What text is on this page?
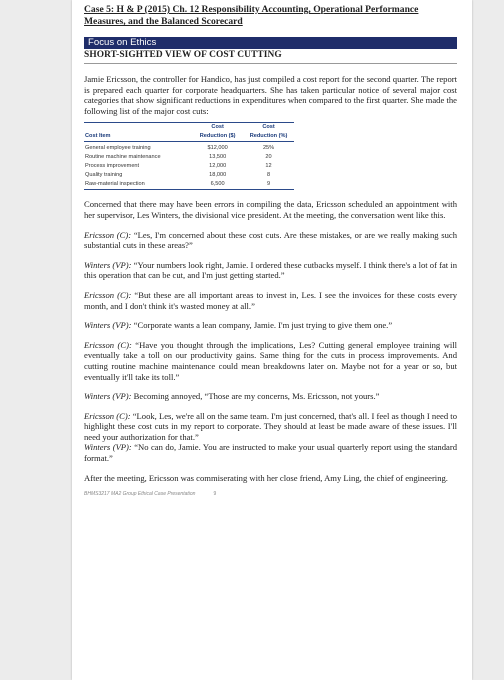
Case 5: H & P (2015) Ch. 12 Responsibility Accounting, Operational Performance
Measures, and the Balanced Scorecard
Focus on Ethics
SHORT-SIGHTED VIEW OF COST CUTTING

Jamie Ericsson, the controller for Handico, has just compiled a cost report for the second quarter. The report is prepared each quarter for corporate headquarters. She has taken particular notice of several major cost categories that show significant reductions in expenditures when compared to the first quarter. She made the following list of the major cost cuts:

	Cost	Cost
Cost Item	Reduction ($)	Reduction (%)
General employee training	$12,000	25%
Routine machine maintenance	13,500	20
Process improvement	12,000	12
Quality training	18,000	8
Raw-material inspection	6,500	9

Concerned that there may have been errors in compiling the data, Ericsson scheduled an appointment with her supervisor, Les Winters, the divisional vice president. At the meeting, the conversation went like this.

Ericsson (C): “Les, I'm concerned about these cost cuts. Are these mistakes, or are we really making such substantial cuts in these areas?”

Winters (VP): “Your numbers look right, Jamie. I ordered these cutbacks myself. I think there's a lot of fat in this operation that can be cut, and I'm just getting started.”

Ericsson (C): “But these are all important areas to invest in, Les. I see the invoices for these costs every month, and I don't think it's wasted money at all.”

Winters (VP): “Corporate wants a lean company, Jamie. I'm just trying to give them one.”

Ericsson (C): “Have you thought through the implications, Les? Cutting general employee training will eventually take a toll on our productivity gains. Same thing for the cuts in process improvements. And cutting routine machine maintenance could mean breakdowns later on. Maybe not for a year or so, but eventually it'll take its toll.”

Winters (VP): Becoming annoyed, “Those are my concerns, Ms. Ericsson, not yours.”

Ericsson (C): “Look, Les, we're all on the same team. I'm just concerned, that's all. I feel as though I need to highlight these cost cuts in my report to corporate. They should at least be made aware of these issues. I'll need your authorization for that.”

Winters (VP): “No can do, Jamie. You are instructed to make your usual quarterly report using the standard format.”

After the meeting, Ericsson was commiserating with her close friend, Amy Ling, the chief of engineering.

BHMS3217 MA2 Group Ethical Case Presentation	9
